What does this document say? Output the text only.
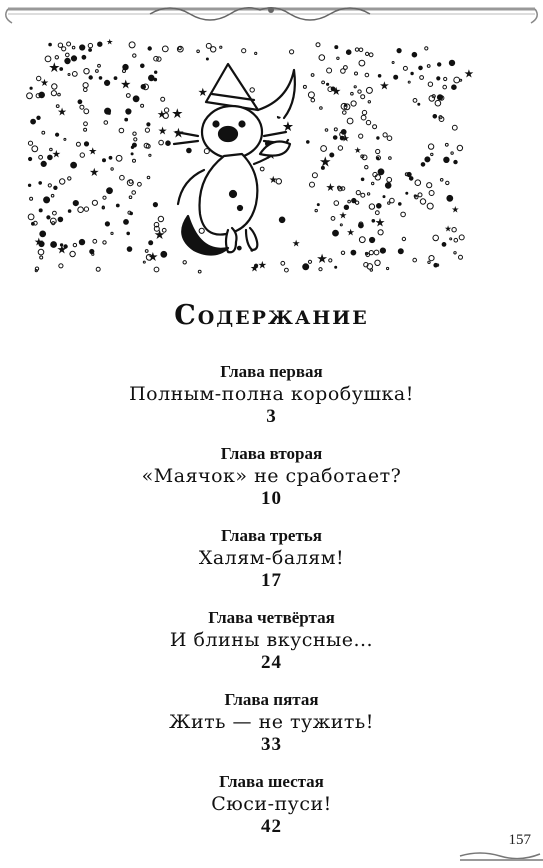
★
★
★
★
★
★
★
★
★
★
★
★
★
★
★
★
★
★
★
★
★
★
★
★
★
★
★
★
★
★
★
★
★
★
★
Содержание
Глава первая
Полным-полна коробушка!
3
Глава вторая
«Маячок» не сработает?
10
Глава третья
Халям-балям!
17
Глава четвёртая
И блины вкусные...
24
Глава пятая
Жить — не тужить!
33
Глава шестая
Сюси-пуси!
42
157
